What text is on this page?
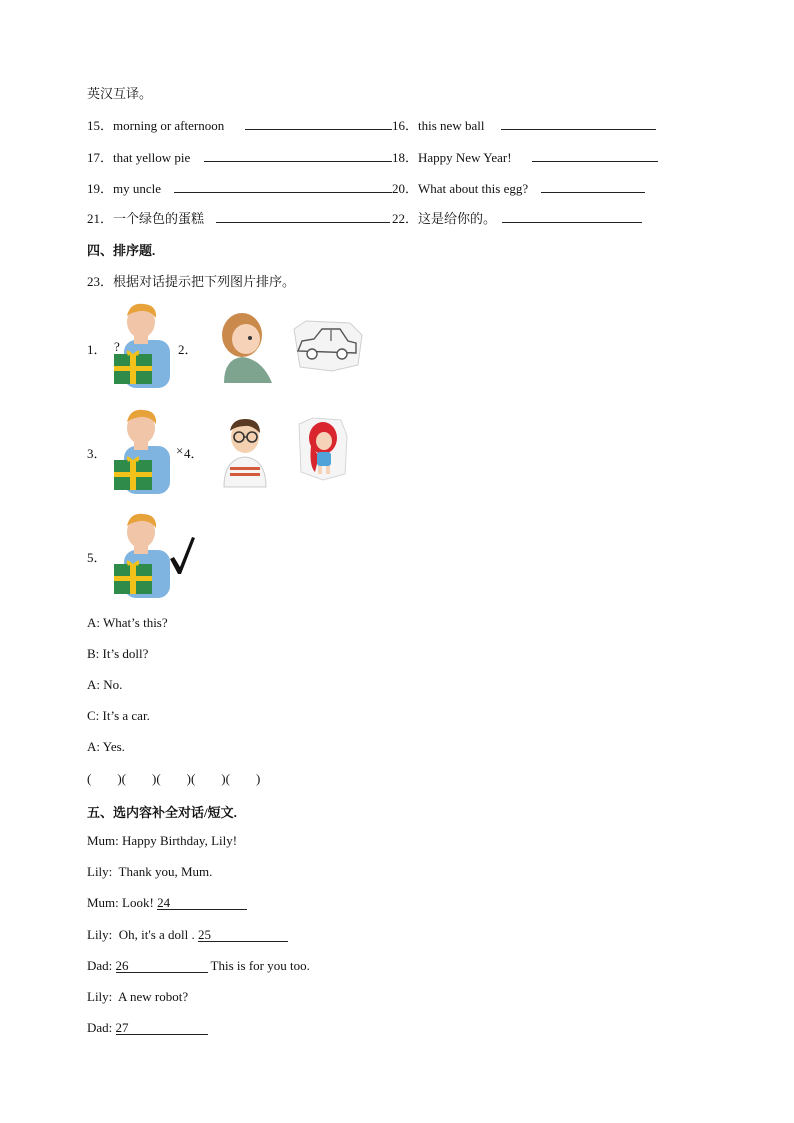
英汉互译。
15．morning or afternoon	16．this new ball
17．that yellow pie	18．Happy New Year!
19．my uncle	20．What about this egg?
21．一个绿色的蛋糕	22．这是给你的。
四、排序题.
23．根据对话提示把下列图片排序。
1． ?	2．
3．	× 4．
5．
A: What’s this?
B: It’s doll?
A: No.
C: It’s a car.
A: Yes.
(        )(        )(        )(        )(        )
五、选内容补全对话/短文.
Mum: Happy Birthday, Lily!
Lily:  Thank you, Mum.
Mum: Look! 24
Lily:  Oh, it's a doll . 25
Dad: 26	This is for you too.
Lily:  A new robot?
Dad: 27
